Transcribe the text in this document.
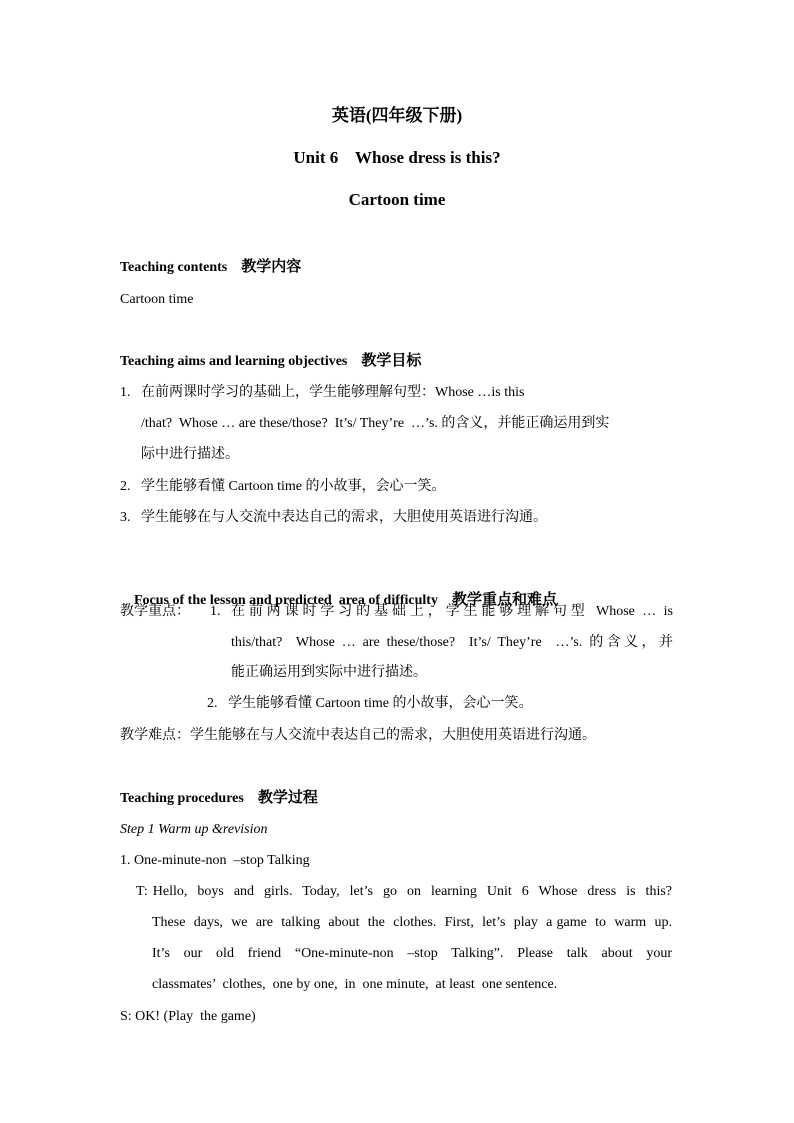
英语(四年级下册)
Unit 6    Whose dress is this?
Cartoon time
Teaching contents 教学内容
Cartoon time
Teaching aims and learning objectives 教学目标
1. 在前两课时学习的基础上，学生能够理解句型：Whose …is this
/that?  Whose … are these/those?  It’s/ They’re  …’s. 的含义，并能正确运用到实
际中进行描述。
2. 学生能够看懂 Cartoon time 的小故事，会心一笑。
3. 学生能够在与人交流中表达自己的需求，大胆使用英语进行沟通。

Focus of the lesson and predicted  area of difficulty 教学重点和难点

教学重点： 1. 在前两课时学习的基础上，学生能够理解句型 Whose … is
this/that?  Whose … are these/those?  It’s/ They’re  …’s. 的含义，并
能正确运用到实际中进行描述。
2. 学生能够看懂 Cartoon time 的小故事，会心一笑。
教学难点：学生能够在与人交流中表达自己的需求，大胆使用英语进行沟通。
Teaching procedures 教学过程
Step 1 Warm up &revision
1. One-minute-non  –stop Talking
T: Hello,  boys  and  girls.  Today,  let’s  go  on  learning  Unit  6  Whose  dress  is  this?
These  days,  we  are  talking  about  the  clothes.  First,  let’s  play  a game  to  warm  up.
It’s  our  old  friend  “One-minute-non  –stop  Talking”.  Please  talk  about  your
classmates’  clothes,  one by one,  in  one minute,  at least  one sentence.
S: OK! (Play  the game)
